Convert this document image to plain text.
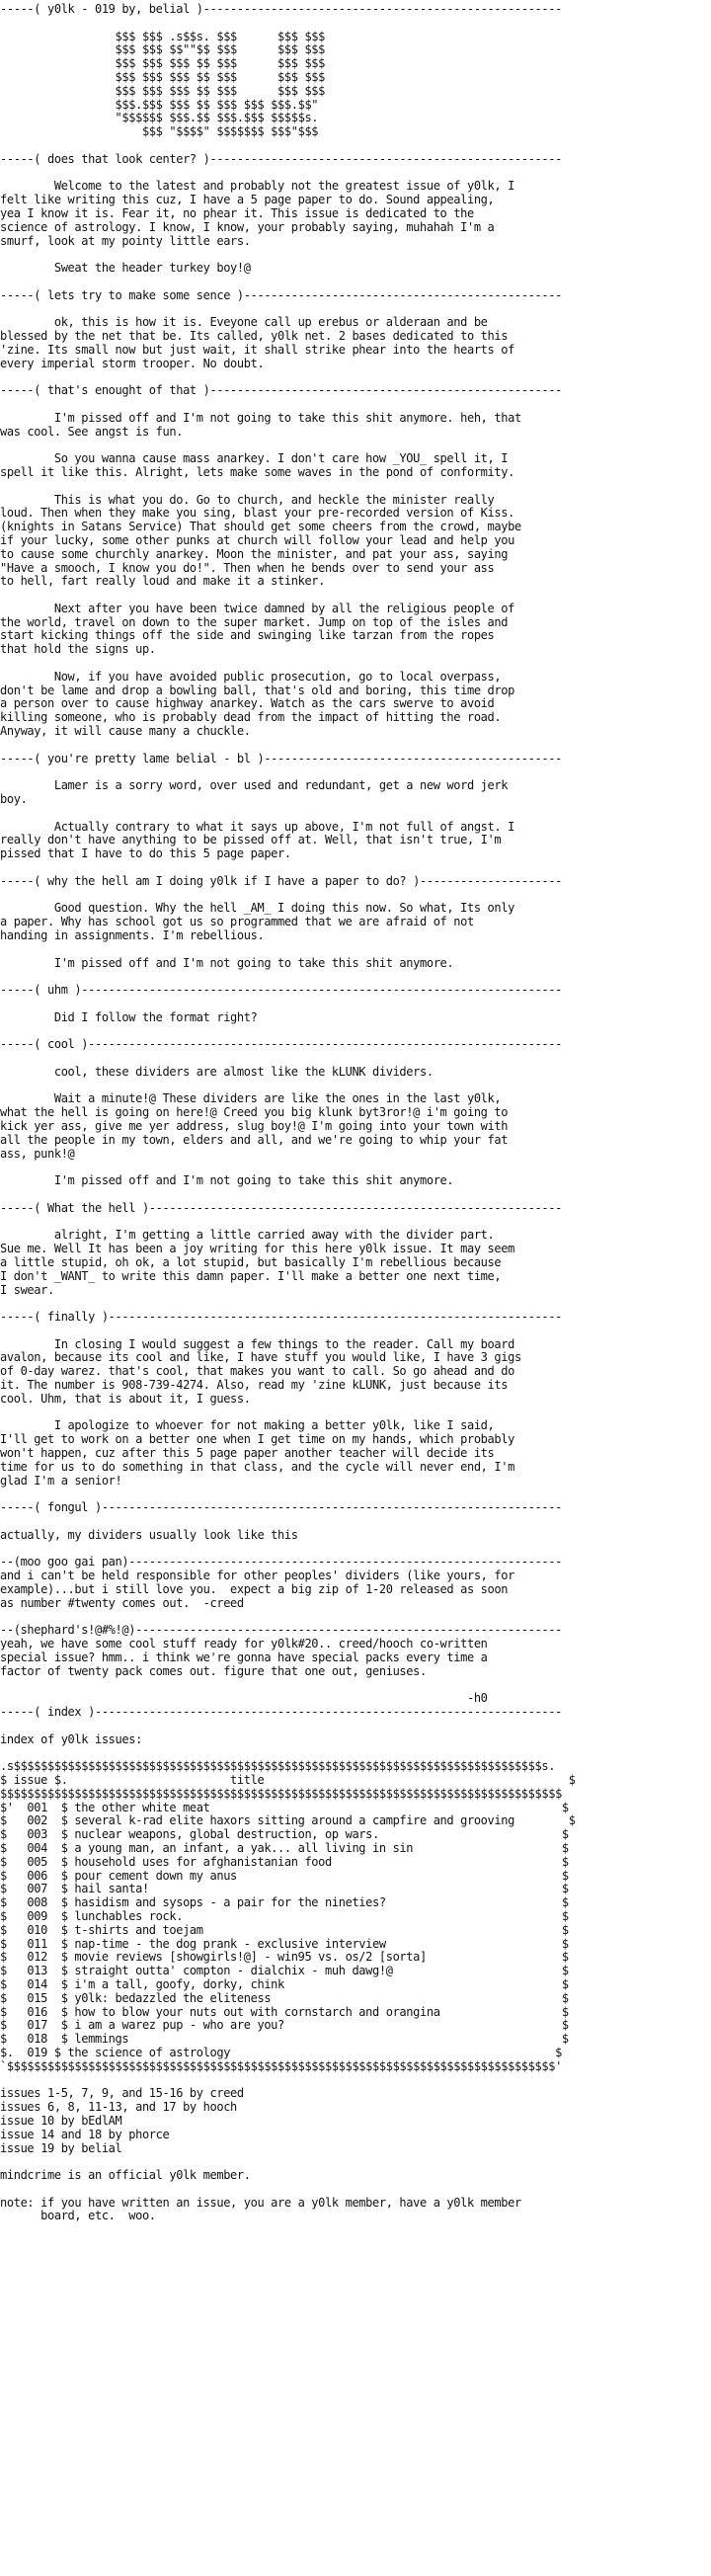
-----( y0lk - 019 by, belial )-----------------------------------------------------
$$$ $$$ .s$$s. $$$      $$$ $$$
$$$ $$$ $$""$$ $$$      $$$ $$$
$$$ $$$ $$$ $$ $$$      $$$ $$$
$$$ $$$ $$$ $$ $$$      $$$ $$$
$$$ $$$ $$$ $$ $$$      $$$ $$$
$$$.$$$ $$$ $$ $$$ $$$ $$$.$$"
"$$$$$$ $$$.$$ $$$.$$$ $$$$$s.
$$$ "$$$$" $$$$$$$ $$$"$$$
-----( does that look center? )----------------------------------------------------
Welcome to the latest and probably not the greatest issue of y0lk, I
felt like writing this cuz, I have a 5 page paper to do. Sound appealing,
yea I know it is. Fear it, no phear it. This issue is dedicated to the
science of astrology. I know, I know, your probably saying, muhahah I'm a
smurf, look at my pointy little ears.
Sweat the header turkey boy!@
-----( lets try to make some sence )-----------------------------------------------
ok, this is how it is. Eveyone call up erebus or alderaan and be
blessed by the net that be. Its called, y0lk net. 2 bases dedicated to this
'zine. Its small now but just wait, it shall strike phear into the hearts of
every imperial storm trooper. No doubt.
-----( that's enought of that )----------------------------------------------------
I'm pissed off and I'm not going to take this shit anymore. heh, that
was cool. See angst is fun.
So you wanna cause mass anarkey. I don't care how _YOU_ spell it, I
spell it like this. Alright, lets make some waves in the pond of conformity.
This is what you do. Go to church, and heckle the minister really
loud. Then when they make you sing, blast your pre-recorded version of Kiss.
(knights in Satans Service) That should get some cheers from the crowd, maybe
if your lucky, some other punks at church will follow your lead and help you
to cause some churchly anarkey. Moon the minister, and pat your ass, saying
"Have a smooch, I know you do!". Then when he bends over to send your ass
to hell, fart really loud and make it a stinker.
Next after you have been twice damned by all the religious people of
the world, travel on down to the super market. Jump on top of the isles and
start kicking things off the side and swinging like tarzan from the ropes
that hold the signs up.
Now, if you have avoided public prosecution, go to local overpass,
don't be lame and drop a bowling ball, that's old and boring, this time drop
a person over to cause highway anarkey. Watch as the cars swerve to avoid
killing someone, who is probably dead from the impact of hitting the road.
Anyway, it will cause many a chuckle.
-----( you're pretty lame belial - bl )--------------------------------------------
Lamer is a sorry word, over used and redundant, get a new word jerk
boy.
Actually contrary to what it says up above, I'm not full of angst. I
really don't have anything to be pissed off at. Well, that isn't true, I'm
pissed that I have to do this 5 page paper.
-----( why the hell am I doing y0lk if I have a paper to do? )---------------------
Good question. Why the hell _AM_ I doing this now. So what, Its only
a paper. Why has school got us so programmed that we are afraid of not
handing in assignments. I'm rebellious.
I'm pissed off and I'm not going to take this shit anymore.
-----( uhm )-----------------------------------------------------------------------
Did I follow the format right?
-----( cool )----------------------------------------------------------------------
cool, these dividers are almost like the kLUNK dividers.
Wait a minute!@ These dividers are like the ones in the last y0lk,
what the hell is going on here!@ Creed you big klunk byt3ror!@ i'm going to
kick yer ass, give me yer address, slug boy!@ I'm going into your town with
all the people in my town, elders and all, and we're going to whip your fat
ass, punk!@
I'm pissed off and I'm not going to take this shit anymore.
-----( What the hell )-------------------------------------------------------------
alright, I'm getting a little carried away with the divider part.
Sue me. Well It has been a joy writing for this here y0lk issue. It may seem
a little stupid, oh ok, a lot stupid, but basically I'm rebellious because
I don't _WANT_ to write this damn paper. I'll make a better one next time,
I swear.
-----( finally )-------------------------------------------------------------------
In closing I would suggest a few things to the reader. Call my board
avalon, because its cool and like, I have stuff you would like, I have 3 gigs
of 0-day warez. that's cool, that makes you want to call. So go ahead and do
it. The number is 908-739-4274. Also, read my 'zine kLUNK, just because its
cool. Uhm, that is about it, I guess.
I apologize to whoever for not making a better y0lk, like I said,
I'll get to work on a better one when I get time on my hands, which probably
won't happen, cuz after this 5 page paper another teacher will decide its
time for us to do something in that class, and the cycle will never end, I'm
glad I'm a senior!
-----( fongul )--------------------------------------------------------------------
actually, my dividers usually look like this
--(moo goo gai pan)----------------------------------------------------------------
and i can't be held responsible for other peoples' dividers (like yours, for
example)...but i still love you.  expect a big zip of 1-20 released as soon
as number #twenty comes out.  -creed
--(shephard's!@#%!@)---------------------------------------------------------------
yeah, we have some cool stuff ready for y0lk#20.. creed/hooch co-written
special issue? hmm.. i think we're gonna have special packs every time a
factor of twenty pack comes out. figure that one out, geniuses.
-h0
-----( index )---------------------------------------------------------------------
index of y0lk issues:
.s$$$$$$$$$$$$$$$$$$$$$$$$$$$$$$$$$$$$$$$$$$$$$$$$$$$$$$$$$$$$$$$$$$$$$$$$$$$$$$s.
$ issue $.                        title                                             $
$$$$$$$$$$$$$$$$$$$$$$$$$$$$$$$$$$$$$$$$$$$$$$$$$$$$$$$$$$$$$$$$$$$$$$$$$$$$$$$$$$$
$'  001  $ the other white meat                                                    $
$   002  $ several k-rad elite haxors sitting around a campfire and grooving        $
$   003  $ nuclear weapons, global destruction, op wars.                           $
$   004  $ a young man, an infant, a yak... all living in sin                      $
$   005  $ household uses for afghanistanian food                                  $
$   006  $ pour cement down my anus                                                $
$   007  $ hail santa!                                                             $
$   008  $ hasidism and sysops - a pair for the nineties?                          $
$   009  $ lunchables rock.                                                        $
$   010  $ t-shirts and toejam                                                     $
$   011  $ nap-time - the dog prank - exclusive interview                          $
$   012  $ movie reviews [showgirls!@] - win95 vs. os/2 [sorta]                    $
$   013  $ straight outta' compton - dialchix - muh dawg!@                         $
$   014  $ i'm a tall, goofy, dorky, chink                                         $
$   015  $ y0lk: bedazzled the eliteness                                           $
$   016  $ how to blow your nuts out with cornstarch and orangina                  $
$   017  $ i am a warez pup - who are you?                                         $
$   018  $ lemmings                                                                $
$.  019 $ the science of astrology                                                $
`$$$$$$$$$$$$$$$$$$$$$$$$$$$$$$$$$$$$$$$$$$$$$$$$$$$$$$$$$$$$$$$$$$$$$$$$$$$$$$$$$'
issues 1-5, 7, 9, and 15-16 by creed
issues 6, 8, 11-13, and 17 by hooch
issue 10 by bEdlAM
issue 14 and 18 by phorce
issue 19 by belial
mindcrime is an official y0lk member.
note: if you have written an issue, you are a y0lk member, have a y0lk member
board, etc.  woo.
